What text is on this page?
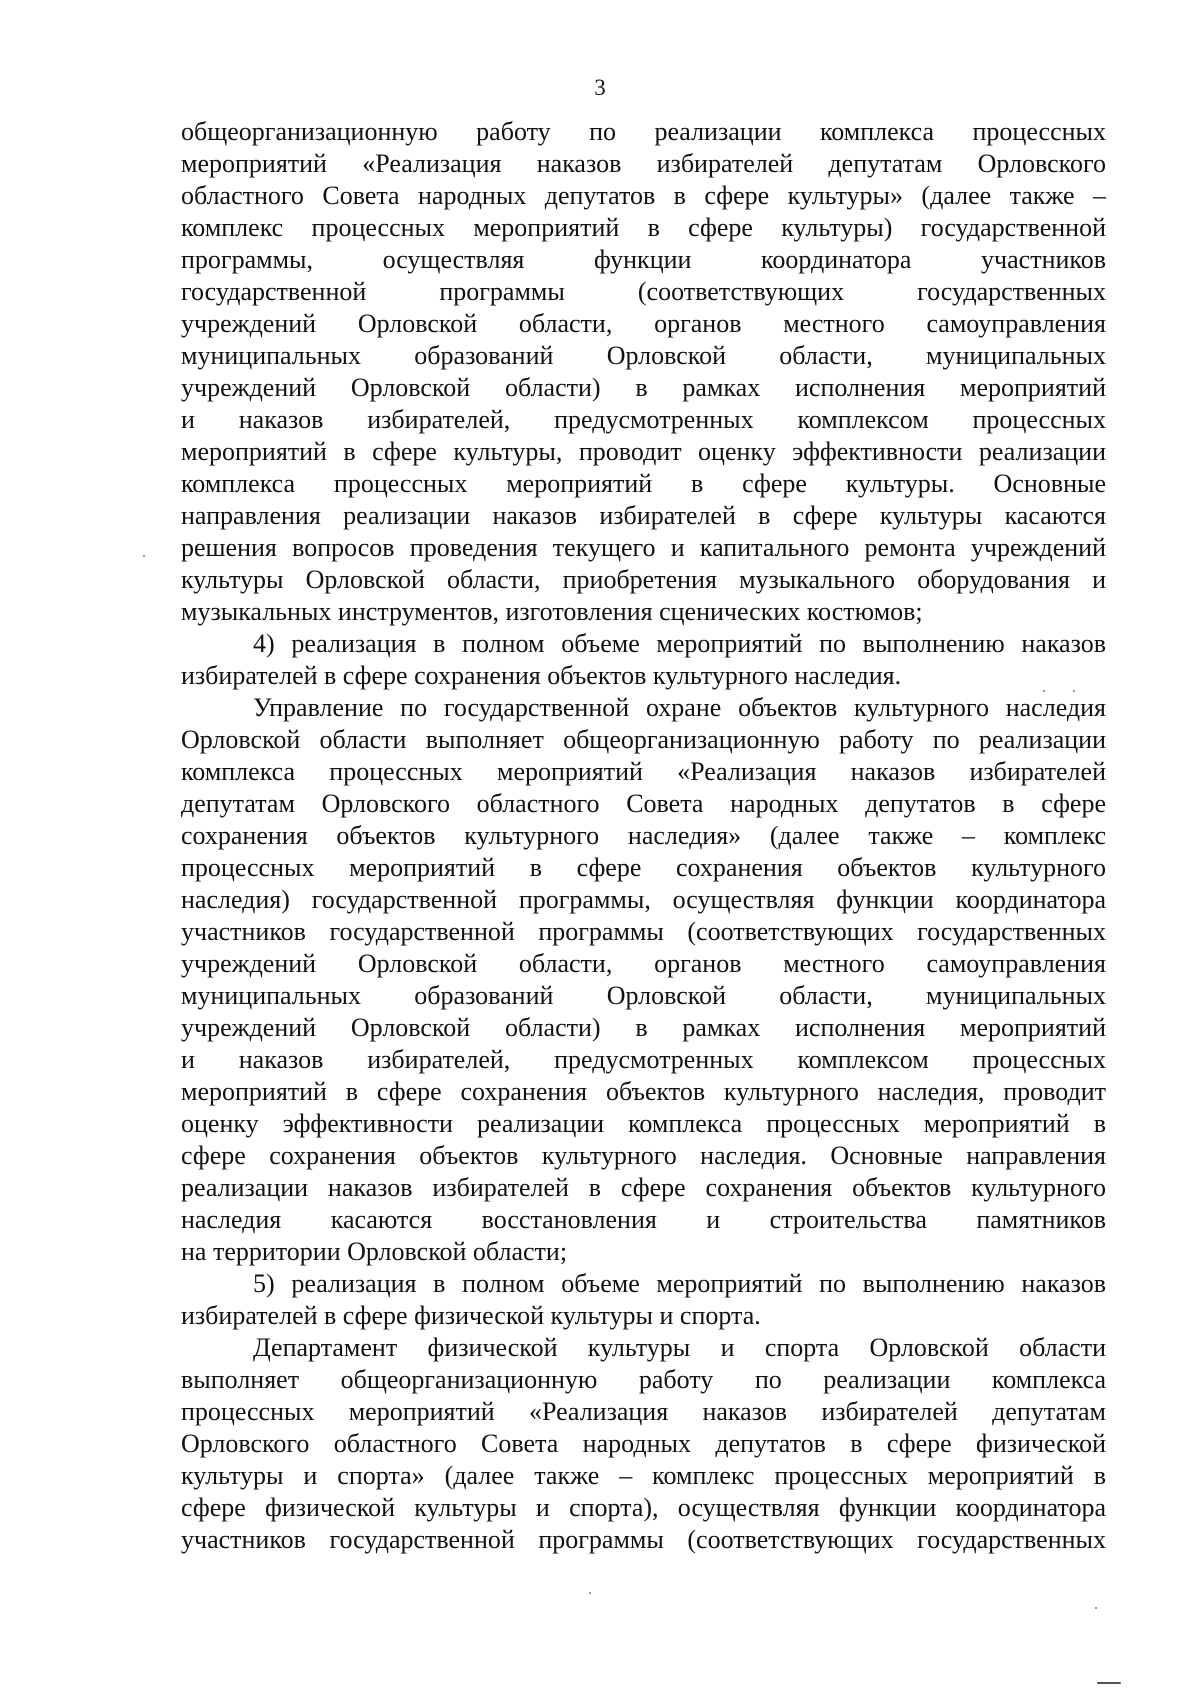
3
общеорганизационную работу по реализации комплекса процессных
мероприятий «Реализация наказов избирателей депутатам Орловского
областного Совета народных депутатов в сфере культуры» (далее также –
комплекс процессных мероприятий в сфере культуры) государственной
программы, осуществляя функции координатора участников
государственной программы (соответствующих государственных
учреждений Орловской области, органов местного самоуправления
муниципальных образований Орловской области, муниципальных
учреждений Орловской области) в рамках исполнения мероприятий
и наказов избирателей, предусмотренных комплексом процессных
мероприятий в сфере культуры, проводит оценку эффективности реализации
комплекса процессных мероприятий в сфере культуры. Основные
направления реализации наказов избирателей в сфере культуры касаются
решения вопросов проведения текущего и капитального ремонта учреждений
культуры Орловской области, приобретения музыкального оборудования и
музыкальных инструментов, изготовления сценических костюмов;
4) реализация в полном объеме мероприятий по выполнению наказов
избирателей в сфере сохранения объектов культурного наследия.
Управление по государственной охране объектов культурного наследия
Орловской области выполняет общеорганизационную работу по реализации
комплекса процессных мероприятий «Реализация наказов избирателей
депутатам Орловского областного Совета народных депутатов в сфере
сохранения объектов культурного наследия» (далее также – комплекс
процессных мероприятий в сфере сохранения объектов культурного
наследия) государственной программы, осуществляя функции координатора
участников государственной программы (соответствующих государственных
учреждений Орловской области, органов местного самоуправления
муниципальных образований Орловской области, муниципальных
учреждений Орловской области) в рамках исполнения мероприятий
и наказов избирателей, предусмотренных комплексом процессных
мероприятий в сфере сохранения объектов культурного наследия, проводит
оценку эффективности реализации комплекса процессных мероприятий в
сфере сохранения объектов культурного наследия. Основные направления
реализации наказов избирателей в сфере сохранения объектов культурного
наследия касаются восстановления и строительства памятников
на территории Орловской области;
5) реализация в полном объеме мероприятий по выполнению наказов
избирателей в сфере физической культуры и спорта.
Департамент физической культуры и спорта Орловской области
выполняет общеорганизационную работу по реализации комплекса
процессных мероприятий «Реализация наказов избирателей депутатам
Орловского областного Совета народных депутатов в сфере физической
культуры и спорта» (далее также – комплекс процессных мероприятий в
сфере физической культуры и спорта), осуществляя функции координатора
участников государственной программы (соответствующих государственных
